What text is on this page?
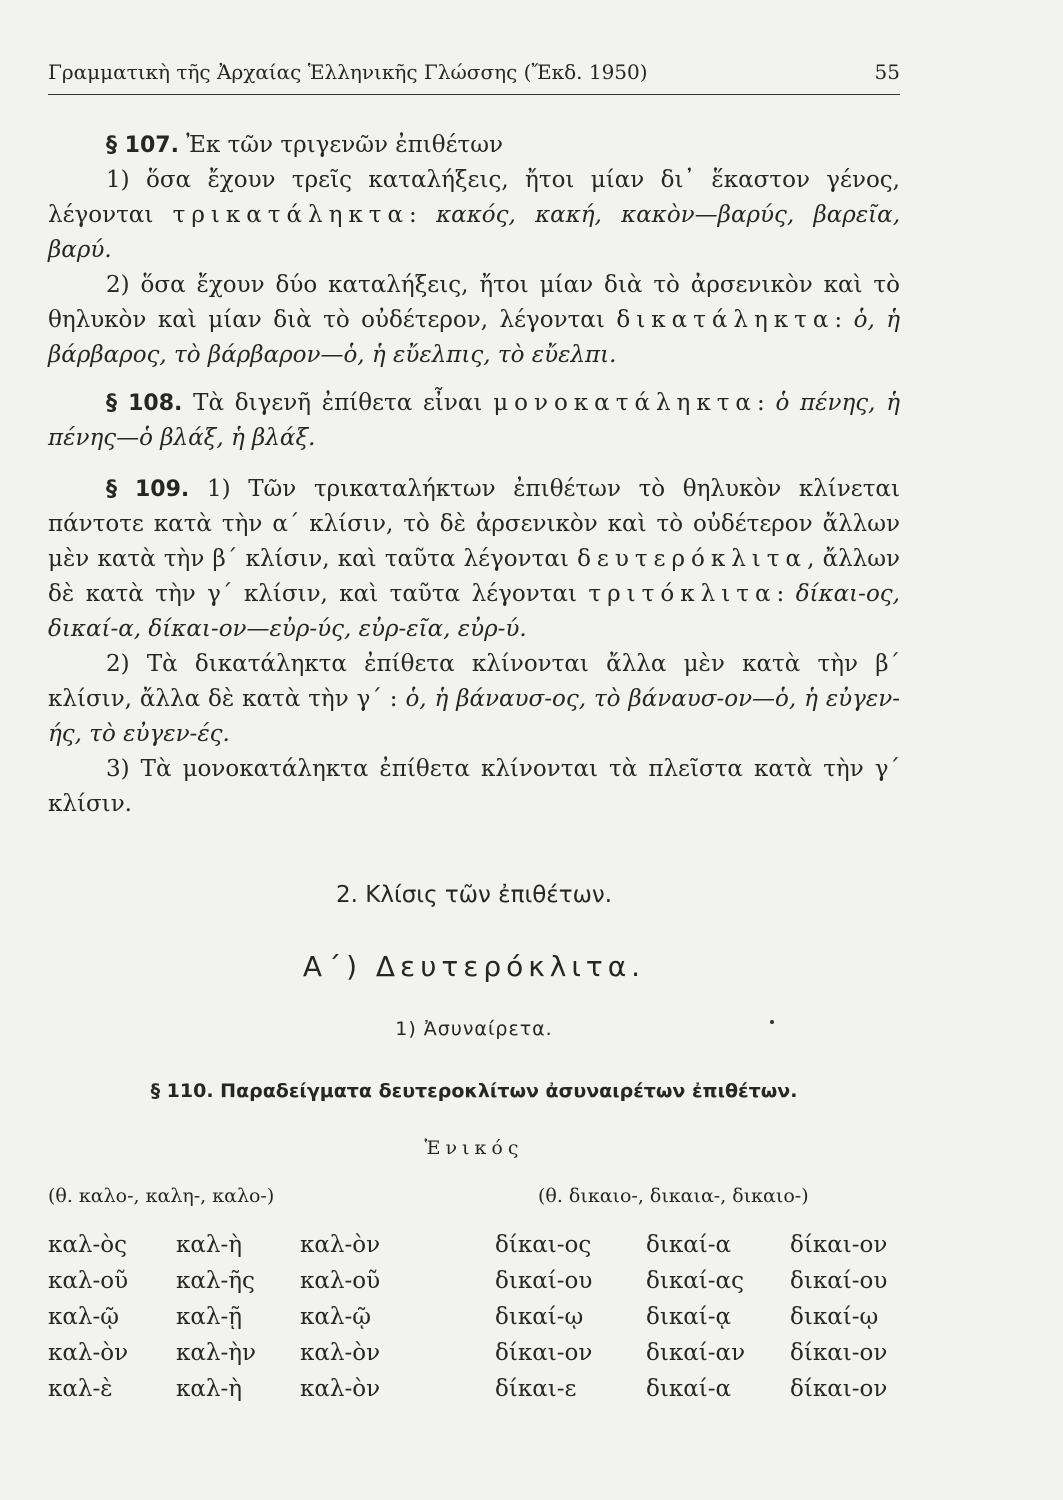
Γραμματικὴ τῆς Ἀρχαίας Ἑλληνικῆς Γλώσσης (Ἔκδ. 1950)	55

§ 107. Ἐκ τῶν τριγενῶν ἐπιθέτων

1) ὅσα ἔχουν τρεῖς καταλήξεις, ἤτοι μίαν δι᾽ ἕκαστον γένος, λέγονται τρικατάληκτα: κακός, κακή, κακὸν—βαρύς, βαρεῖα, βαρύ.

2) ὅσα ἔχουν δύο καταλήξεις, ἤτοι μίαν διὰ τὸ ἀρσενικὸν καὶ τὸ θηλυκὸν καὶ μίαν διὰ τὸ οὐδέτερον, λέγονται δικατάληκτα: ὁ, ἡ βάρβαρος, τὸ βάρβαρον—ὁ, ἡ εὔελπις, τὸ εὔελπι.

§ 108. Τὰ διγενῆ ἐπίθετα εἶναι μονοκατάληκτα: ὁ πένης, ἡ πένης—ὁ βλάξ, ἡ βλάξ.

§ 109. 1) Τῶν τρικαταλήκτων ἐπιθέτων τὸ θηλυκὸν κλίνεται πάντοτε κατὰ τὴν α΄ κλίσιν, τὸ δὲ ἀρσενικὸν καὶ τὸ οὐδέτερον ἄλλων μὲν κατὰ τὴν β΄ κλίσιν, καὶ ταῦτα λέγονται δευτερόκλιτα, ἄλλων δὲ κατὰ τὴν γ΄ κλίσιν, καὶ ταῦτα λέγονται τριτόκλιτα: δίκαι-ος, δικαί-α, δίκαι-ον—εὐρ-ύς, εὐρ-εῖα, εὐρ-ύ.

2) Τὰ δικατάληκτα ἐπίθετα κλίνονται ἄλλα μὲν κατὰ τὴν β΄ κλίσιν, ἄλλα δὲ κατὰ τὴν γ΄ : ὁ, ἡ βάναυσ-ος, τὸ βάναυσ-ον—ὁ, ἡ εὐγεν-ής, τὸ εὐγεν-ές.

3) Τὰ μονοκατάληκτα ἐπίθετα κλίνονται τὰ πλεῖστα κατὰ τὴν γ΄ κλίσιν.

2. Κλίσις τῶν ἐπιθέτων.
Α΄) Δευτερόκλιτα.
1) Ἀσυναίρετα.
§ 110. Παραδείγματα δευτεροκλίτων ἀσυναιρέτων ἐπιθέτων.
Ἑνικός
(θ. καλο-, καλη-, καλο-)	(θ. δικαιο-, δικαια-, δικαιο-)
καλ-ὸς καλ-ὴ	καλ-ὸν	δίκαι-ος δικαί-α	δίκαι-ον
καλ-οῦ καλ-ῆς καλ-οῦ	δικαί-ου δικαί-ας δικαί-ου
καλ-ῷ καλ-ῇ	καλ-ῷ	δικαί-ῳ	δικαί-ᾳ	δικαί-ῳ
καλ-ὸν καλ-ὴν καλ-ὸν	δίκαι-ον δικαί-αν δίκαι-ον
καλ-ὲ	καλ-ὴ	καλ-ὸν	δίκαι-ε	δικαί-α	δίκαι-ον
